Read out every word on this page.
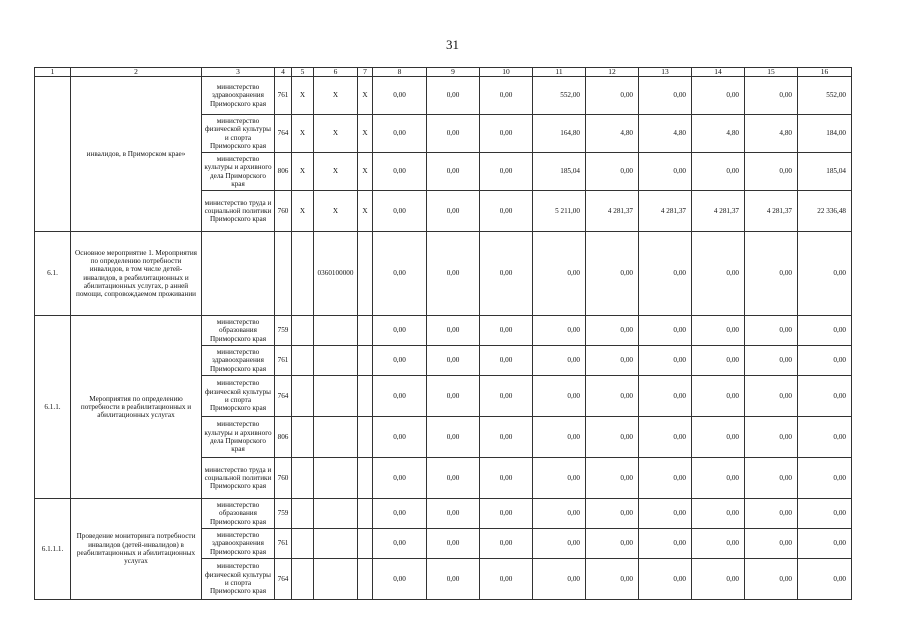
31
1	2	3	4	5	6	7	8	9	10	11	12	13	14	15	16
	инвалидов, в Приморском крае»	министерство здравоохранения Приморского края	761	X	X	X	0,00	0,00	0,00	552,00	0,00	0,00	0,00	0,00	552,00
		министерство физической культуры и спорта Приморского края	764	X	X	X	0,00	0,00	0,00	164,80	4,80	4,80	4,80	4,80	184,00
		министерство культуры и архивного дела Приморского края	806	X	X	X	0,00	0,00	0,00	185,04	0,00	0,00	0,00	0,00	185,04
		министерство труда и социальной политики Приморского края	760	X	X	X	0,00	0,00	0,00	5 211,00	4 281,37	4 281,37	4 281,37	4 281,37	22 336,48
6.1.	Основное мероприятие 1. Мероприятия по определению потребности инвалидов, в том числе детей-инвалидов, в реабилитационных и абилитационных услугах, р анней помощи, сопровождаемом проживании				0360100000		0,00	0,00	0,00	0,00	0,00	0,00	0,00	0,00	0,00
6.1.1.	Мероприятия по определению потребности в реабилитационных и абилитационных услугах	министерство образования Приморского края	759				0,00	0,00	0,00	0,00	0,00	0,00	0,00	0,00	0,00
		министерство здравоохранения Приморского края	761				0,00	0,00	0,00	0,00	0,00	0,00	0,00	0,00	0,00
		министерство физической культуры и спорта Приморского края	764				0,00	0,00	0,00	0,00	0,00	0,00	0,00	0,00	0,00
		министерство культуры и архивного дела Приморского края	806				0,00	0,00	0,00	0,00	0,00	0,00	0,00	0,00	0,00
		министерство труда и социальной политики Приморского края	760				0,00	0,00	0,00	0,00	0,00	0,00	0,00	0,00	0,00
6.1.1.1.	Проведение мониторинга потребности инвалидов (детей-инвалидов) в реабилитационных и абилитационных услугах	министерство образования Приморского края	759				0,00	0,00	0,00	0,00	0,00	0,00	0,00	0,00	0,00
		министерство здравоохранения Приморского края	761				0,00	0,00	0,00	0,00	0,00	0,00	0,00	0,00	0,00
		министерство физической культуры и спорта Приморского края	764				0,00	0,00	0,00	0,00	0,00	0,00	0,00	0,00	0,00
